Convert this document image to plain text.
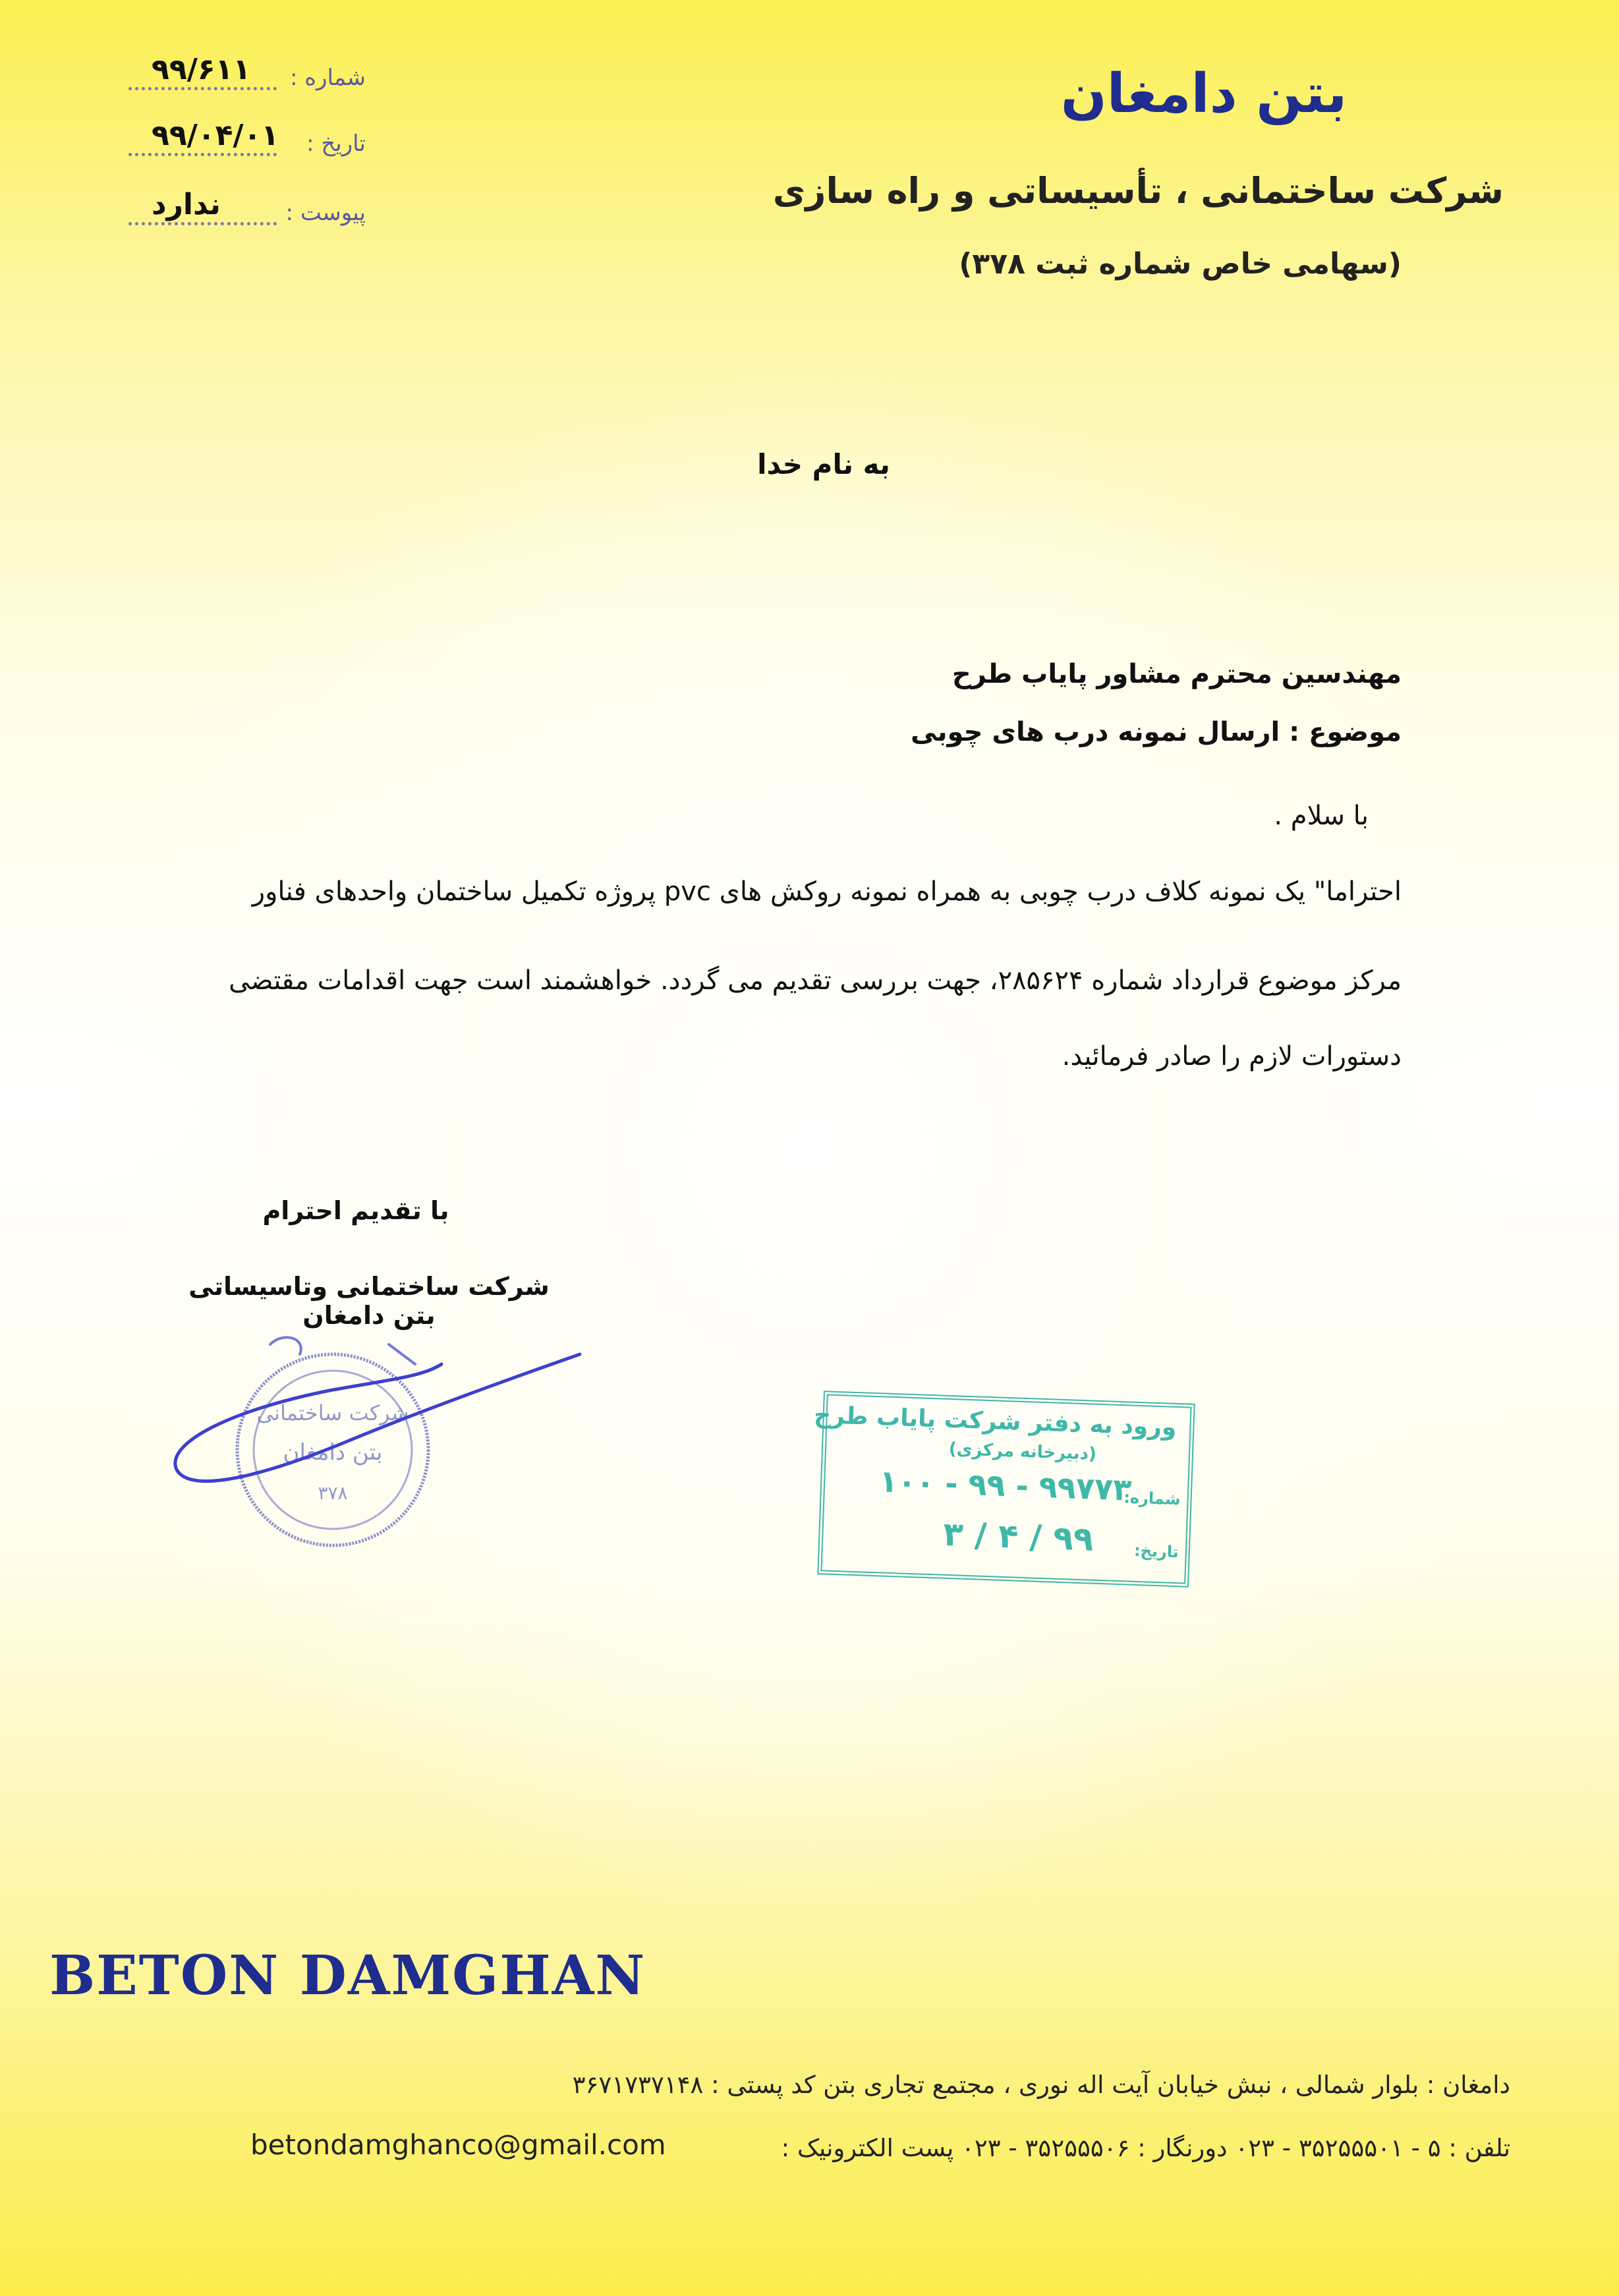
بتن دامغان
شرکت ساختمانی ، تأسیساتی و راه سازی
(سهامی خاص شماره ثبت ۳۷۸)
شماره :
۹۹/۶۱۱
تاریخ :
۹۹/۰۴/۰۱
پیوست :
ندارد
به نام خدا
مهندسین محترم مشاور پایاب طرح
موضوع : ارسال نمونه درب های چوبی
با سلام .
احتراما" یک نمونه کلاف درب چوبی به همراه نمونه روکش های pvc پروژه تکمیل ساختمان واحدهای فناور
مرکز موضوع قرارداد شماره ۲۸۵۶۲۴، جهت بررسی تقدیم می گردد. خواهشمند است جهت اقدامات مقتضی
دستورات لازم را صادر فرمائید.
با تقدیم احترام
شرکت ساختمانی وتاسیساتی بتن دامغان
شرکت ساختمانی
بتن دامغان
۳۷۸
ورود به دفتر شرکت پایاب طرح
(دبیرخانه مرکزی)
شماره:
۹۹۷۷۳ - ۹۹ - ۱۰۰
تاریخ:
۹۹ / ۴ / ۳
BETON DAMGHAN
دامغان : بلوار شمالی ، نبش خیابان آیت اله نوری ، مجتمع تجاری بتن کد پستی : ۳۶۷۱۷۳۷۱۴۸
تلفن : ۵ - ۳۵۲۵۵۵۰۱ - ۰۲۳ دورنگار : ۳۵۲۵۵۵۰۶ - ۰۲۳ پست الکترونیک :
betondamghanco@gmail.com
